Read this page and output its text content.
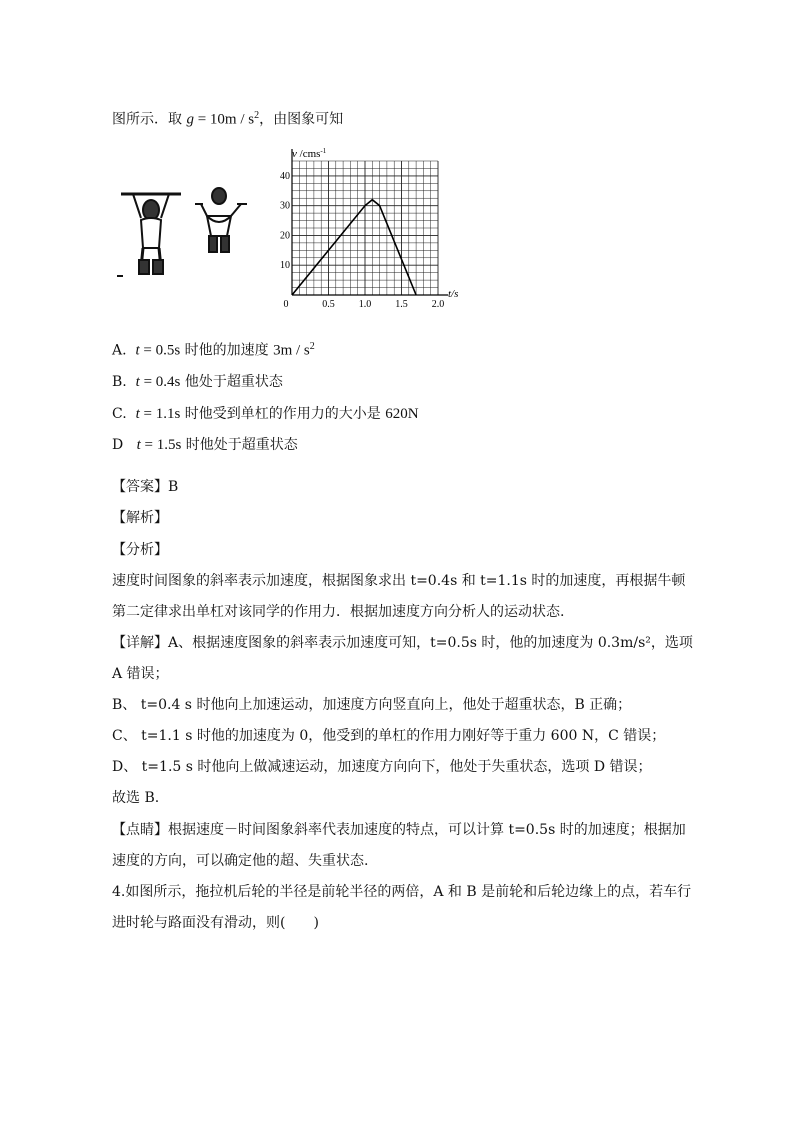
图所示．取 $g = 10m / s^2$，由图象可知
0	0.5 1.0 1.5 2.0
10
20
30
40
v /cms$^{-1}$
t/s
A. t = 0.5s 时他的加速度 $3m / s^2$
B. t = 0.4s 他处于超重状态
C. t = 1.1s 时他受到单杠的作用力的大小是 620N
D t = 1.5s 时他处于超重状态
【答案】B
【解析】
【分析】
速度时间图象的斜率表示加速度，根据图象求出 t=0.4s 和 t=1.1s 时的加速度，再根据牛顿
第二定律求出单杠对该同学的作用力．根据加速度方向分析人的运动状态.
【详解】A、根据速度图象的斜率表示加速度可知，t=0.5s 时，他的加速度为 0.3m/s²，选项
A 错误；
B、 t=0.4 s 时他向上加速运动，加速度方向竖直向上，他处于超重状态，B 正确；
C、 t=1.1 s 时他的加速度为 0，他受到的单杠的作用力刚好等于重力 600 N，C 错误；
D、 t=1.5 s 时他向上做减速运动，加速度方向向下，他处于失重状态，选项 D 错误；
故选 B.
【点睛】根据速度－时间图象斜率代表加速度的特点，可以计算 t=0.5s 时的加速度；根据加
速度的方向，可以确定他的超、失重状态.
4.如图所示，拖拉机后轮的半径是前轮半径的两倍，A 和 B 是前轮和后轮边缘上的点，若车行
进时轮与路面没有滑动，则(　　)
